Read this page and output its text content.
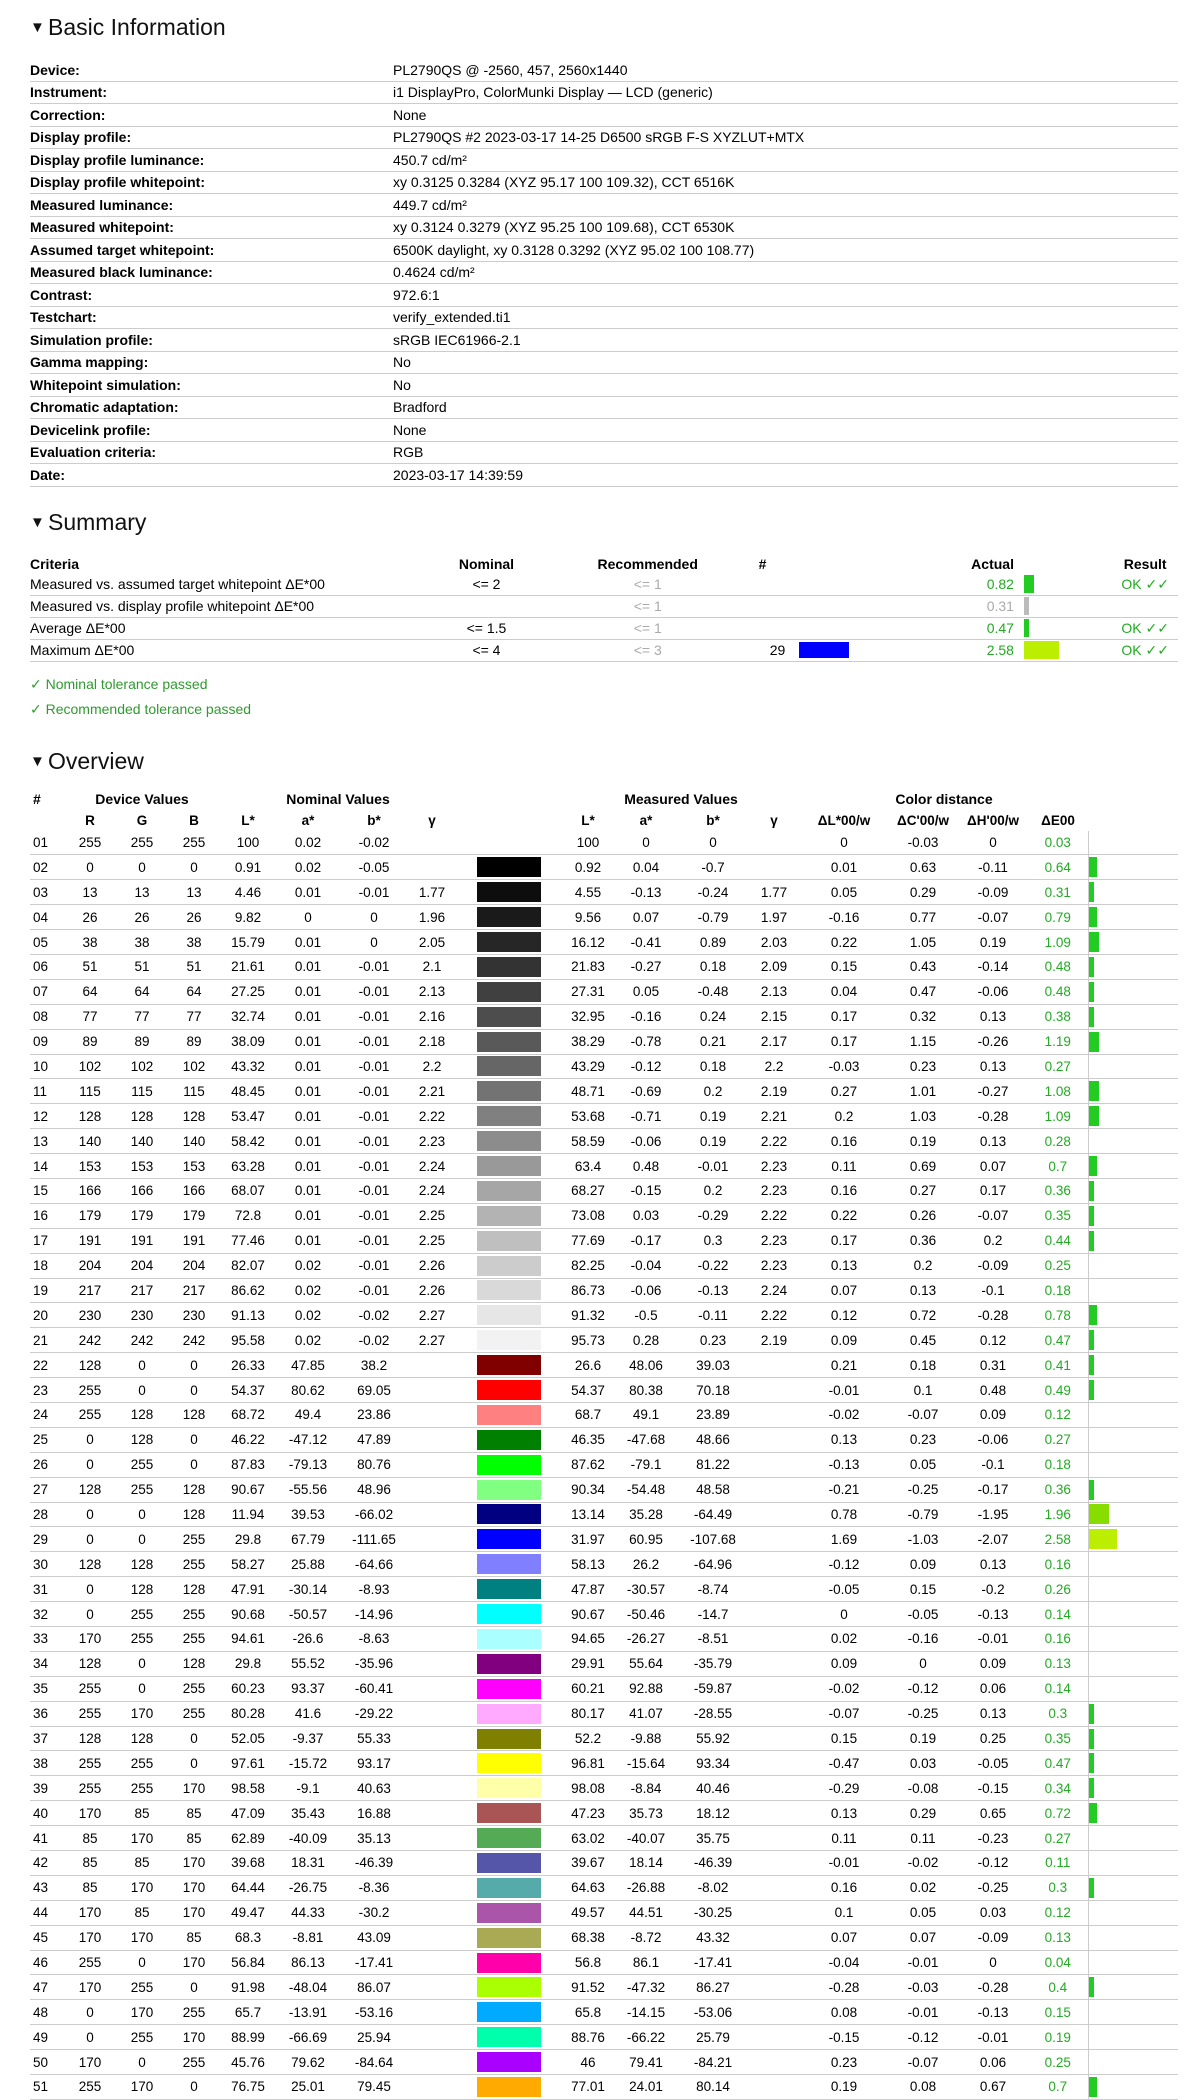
▼ Basic Information
Device:	PL2790QS @ -2560, 457, 2560x1440
Instrument:	i1 DisplayPro, ColorMunki Display — LCD (generic)
Correction:	None
Display profile:	PL2790QS #2 2023-03-17 14-25 D6500 sRGB F-S XYZLUT+MTX
Display profile luminance:	450.7 cd/m²
Display profile whitepoint:	xy 0.3125 0.3284 (XYZ 95.17 100 109.32), CCT 6516K
Measured luminance:	449.7 cd/m²
Measured whitepoint:	xy 0.3124 0.3279 (XYZ 95.25 100 109.68), CCT 6530K
Assumed target whitepoint:	6500K daylight, xy 0.3128 0.3292 (XYZ 95.02 100 108.77)
Measured black luminance:	0.4624 cd/m²
Contrast:	972.6:1
Testchart:	verify_extended.ti1
Simulation profile:	sRGB IEC61966-2.1
Gamma mapping:	No
Whitepoint simulation:	No
Chromatic adaptation:	Bradford
Devicelink profile:	None
Evaluation criteria:	RGB
Date:	2023-03-17 14:39:59
▼ Summary
Criteria	Nominal	Recommended	#		Actual		Result
Measured vs. assumed target whitepoint ΔE*00	<= 2	<= 1			0.82		OK ✓✓
Measured vs. display profile whitepoint ΔE*00		<= 1			0.31	

Average ΔE*00	<= 1.5	<= 1			0.47		OK ✓✓
Maximum ΔE*00	<= 4	<= 3	29		2.58		OK ✓✓
✓ Nominal tolerance passed
✓ Recommended tolerance passed
▼ Overview
#	Device Values			Nominal Values					Measured Values				Color distance				
	R	G	B	L*	a*	b*	γ		L*	a*	b*	γ	ΔL*00/w	ΔC'00/w	ΔH'00/w	ΔE00	
01	255	255	255	100	0.02	-0.02			100	0	0		0	-0.03	0	0.03	
02	0	0	0	0.91	0.02	-0.05			0.92	0.04	-0.7		0.01	0.63	-0.11	0.64	

03	13	13	13	4.46	0.01	-0.01	1.77		4.55	-0.13	-0.24	1.77	0.05	0.29	-0.09	0.31	

04	26	26	26	9.82	0	0	1.96		9.56	0.07	-0.79	1.97	-0.16	0.77	-0.07	0.79	

05	38	38	38	15.79	0.01	0	2.05		16.12	-0.41	0.89	2.03	0.22	1.05	0.19	1.09	

06	51	51	51	21.61	0.01	-0.01	2.1		21.83	-0.27	0.18	2.09	0.15	0.43	-0.14	0.48	

07	64	64	64	27.25	0.01	-0.01	2.13		27.31	0.05	-0.48	2.13	0.04	0.47	-0.06	0.48	

08	77	77	77	32.74	0.01	-0.01	2.16		32.95	-0.16	0.24	2.15	0.17	0.32	0.13	0.38	

09	89	89	89	38.09	0.01	-0.01	2.18		38.29	-0.78	0.21	2.17	0.17	1.15	-0.26	1.19	

10	102	102	102	43.32	0.01	-0.01	2.2		43.29	-0.12	0.18	2.2	-0.03	0.23	0.13	0.27	
11	115	115	115	48.45	0.01	-0.01	2.21		48.71	-0.69	0.2	2.19	0.27	1.01	-0.27	1.08	

12	128	128	128	53.47	0.01	-0.01	2.22		53.68	-0.71	0.19	2.21	0.2	1.03	-0.28	1.09	

13	140	140	140	58.42	0.01	-0.01	2.23		58.59	-0.06	0.19	2.22	0.16	0.19	0.13	0.28	
14	153	153	153	63.28	0.01	-0.01	2.24		63.4	0.48	-0.01	2.23	0.11	0.69	0.07	0.7	

15	166	166	166	68.07	0.01	-0.01	2.24		68.27	-0.15	0.2	2.23	0.16	0.27	0.17	0.36	

16	179	179	179	72.8	0.01	-0.01	2.25		73.08	0.03	-0.29	2.22	0.22	0.26	-0.07	0.35	

17	191	191	191	77.46	0.01	-0.01	2.25		77.69	-0.17	0.3	2.23	0.17	0.36	0.2	0.44	

18	204	204	204	82.07	0.02	-0.01	2.26		82.25	-0.04	-0.22	2.23	0.13	0.2	-0.09	0.25	
19	217	217	217	86.62	0.02	-0.01	2.26		86.73	-0.06	-0.13	2.24	0.07	0.13	-0.1	0.18	
20	230	230	230	91.13	0.02	-0.02	2.27		91.32	-0.5	-0.11	2.22	0.12	0.72	-0.28	0.78	

21	242	242	242	95.58	0.02	-0.02	2.27		95.73	0.28	0.23	2.19	0.09	0.45	0.12	0.47	

22	128	0	0	26.33	47.85	38.2			26.6	48.06	39.03		0.21	0.18	0.31	0.41	

23	255	0	0	54.37	80.62	69.05			54.37	80.38	70.18		-0.01	0.1	0.48	0.49	

24	255	128	128	68.72	49.4	23.86			68.7	49.1	23.89		-0.02	-0.07	0.09	0.12	
25	0	128	0	46.22	-47.12	47.89			46.35	-47.68	48.66		0.13	0.23	-0.06	0.27	
26	0	255	0	87.83	-79.13	80.76			87.62	-79.1	81.22		-0.13	0.05	-0.1	0.18	
27	128	255	128	90.67	-55.56	48.96			90.34	-54.48	48.58		-0.21	-0.25	-0.17	0.36	

28	0	0	128	11.94	39.53	-66.02			13.14	35.28	-64.49		0.78	-0.79	-1.95	1.96	

29	0	0	255	29.8	67.79	-111.65			31.97	60.95	-107.68		1.69	-1.03	-2.07	2.58	

30	128	128	255	58.27	25.88	-64.66			58.13	26.2	-64.96		-0.12	0.09	0.13	0.16	
31	0	128	128	47.91	-30.14	-8.93			47.87	-30.57	-8.74		-0.05	0.15	-0.2	0.26	
32	0	255	255	90.68	-50.57	-14.96			90.67	-50.46	-14.7		0	-0.05	-0.13	0.14	
33	170	255	255	94.61	-26.6	-8.63			94.65	-26.27	-8.51		0.02	-0.16	-0.01	0.16	
34	128	0	128	29.8	55.52	-35.96			29.91	55.64	-35.79		0.09	0	0.09	0.13	
35	255	0	255	60.23	93.37	-60.41			60.21	92.88	-59.87		-0.02	-0.12	0.06	0.14	
36	255	170	255	80.28	41.6	-29.22			80.17	41.07	-28.55		-0.07	-0.25	0.13	0.3	

37	128	128	0	52.05	-9.37	55.33			52.2	-9.88	55.92		0.15	0.19	0.25	0.35	

38	255	255	0	97.61	-15.72	93.17			96.81	-15.64	93.34		-0.47	0.03	-0.05	0.47	

39	255	255	170	98.58	-9.1	40.63			98.08	-8.84	40.46		-0.29	-0.08	-0.15	0.34	

40	170	85	85	47.09	35.43	16.88			47.23	35.73	18.12		0.13	0.29	0.65	0.72	

41	85	170	85	62.89	-40.09	35.13			63.02	-40.07	35.75		0.11	0.11	-0.23	0.27	
42	85	85	170	39.68	18.31	-46.39			39.67	18.14	-46.39		-0.01	-0.02	-0.12	0.11	
43	85	170	170	64.44	-26.75	-8.36			64.63	-26.88	-8.02		0.16	0.02	-0.25	0.3	

44	170	85	170	49.47	44.33	-30.2			49.57	44.51	-30.25		0.1	0.05	0.03	0.12	
45	170	170	85	68.3	-8.81	43.09			68.38	-8.72	43.32		0.07	0.07	-0.09	0.13	
46	255	0	170	56.84	86.13	-17.41			56.8	86.1	-17.41		-0.04	-0.01	0	0.04	
47	170	255	0	91.98	-48.04	86.07			91.52	-47.32	86.27		-0.28	-0.03	-0.28	0.4	

48	0	170	255	65.7	-13.91	-53.16			65.8	-14.15	-53.06		0.08	-0.01	-0.13	0.15	
49	0	255	170	88.99	-66.69	25.94			88.76	-66.22	25.79		-0.15	-0.12	-0.01	0.19	
50	170	0	255	45.76	79.62	-84.64			46	79.41	-84.21		0.23	-0.07	0.06	0.25	
51	255	170	0	76.75	25.01	79.45			77.01	24.01	80.14		0.19	0.08	0.67	0.7	
